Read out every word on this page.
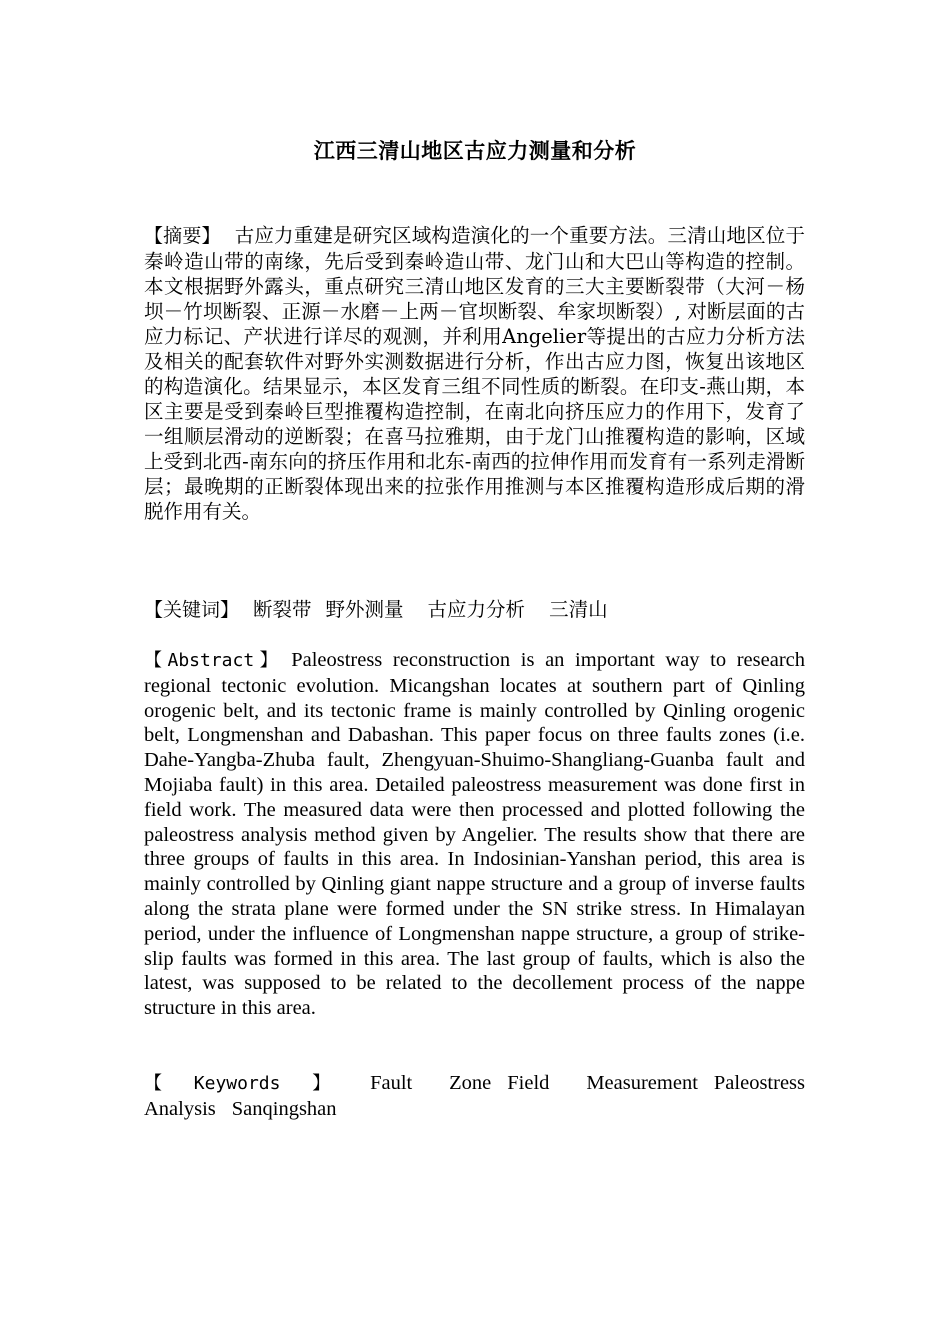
江西三清山地区古应力测量和分析
【摘要】 古应力重建是研究区域构造演化的一个重要方法。三清山地区位于秦岭造山带的南缘，先后受到秦岭造山带、龙门山和大巴山等构造的控制。本文根据野外露头，重点研究三清山地区发育的三大主要断裂带（大河－杨坝－竹坝断裂、正源－水磨－上两－官坝断裂、牟家坝断裂）, 对断层面的古应力标记、产状进行详尽的观测，并利用Angelier等提出的古应力分析方法及相关的配套软件对野外实测数据进行分析，作出古应力图，恢复出该地区的构造演化。结果显示，本区发育三组不同性质的断裂。在印支-燕山期，本区主要是受到秦岭巨型推覆构造控制，在南北向挤压应力的作用下，发育了一组顺层滑动的逆断裂；在喜马拉雅期，由于龙门山推覆构造的影响，区域上受到北西-南东向的挤压作用和北东-南西的拉伸作用而发育有一系列走滑断层；最晚期的正断裂体现出来的拉张作用推测与本区推覆构造形成后期的滑脱作用有关。
【关键词】 断裂带 野外测量 古应力分析 三清山
【Abstract】 Paleostress reconstruction is an important way to research regional tectonic evolution. Micangshan locates at southern part of Qinling orogenic belt, and its tectonic frame is mainly controlled by Qinling orogenic belt, Longmenshan and Dabashan. This paper focus on three faults zones (i.e. Dahe-Yangba-Zhuba fault, Zhengyuan-Shuimo-Shangliang-Guanba fault and Mojiaba fault) in this area. Detailed paleostress measurement was done first in field work. The measured data were then processed and plotted following the paleostress analysis method given by Angelier. The results show that there are three groups of faults in this area. In Indosinian-Yanshan period, this area is mainly controlled by Qinling giant nappe structure and a group of inverse faults along the strata plane were formed under the SN strike stress. In Himalayan period, under the influence of Longmenshan nappe structure, a group of strike-slip faults was formed in this area. The last group of faults, which is also the latest, was supposed to be related to the decollement process of the nappe structure in this area.
【Keywords】 Fault Zone Field Measurement Paleostress Analysis Sanqingshan
